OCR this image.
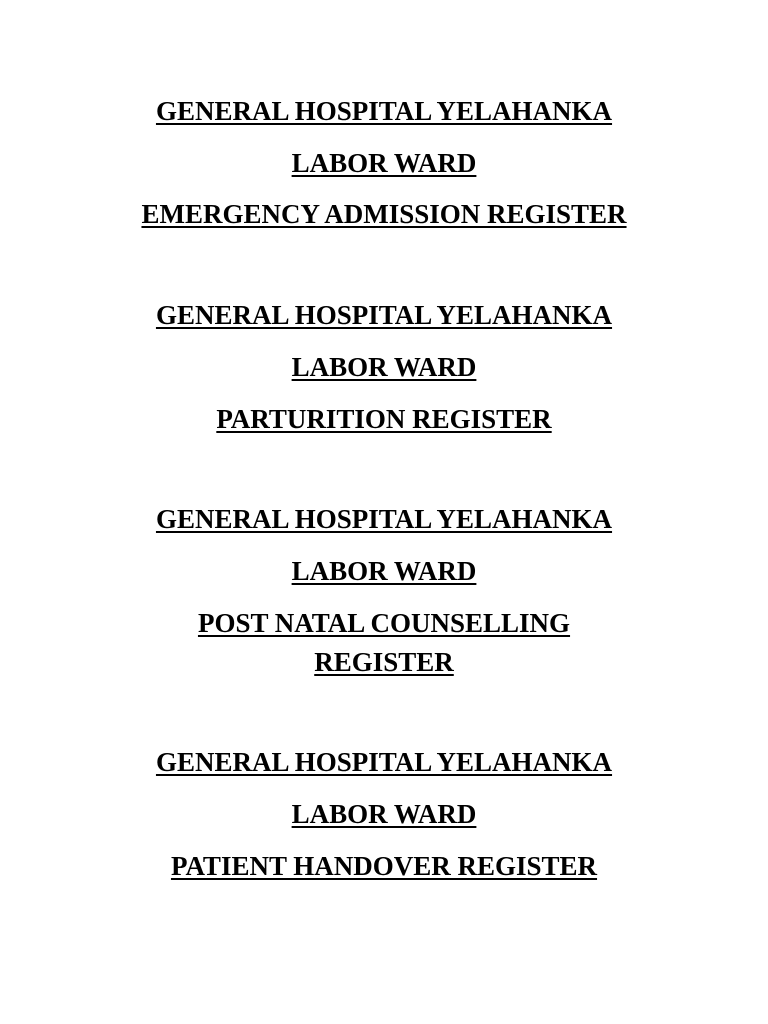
GENERAL HOSPITAL YELAHANKA
LABOR WARD
EMERGENCY ADMISSION REGISTER
GENERAL HOSPITAL YELAHANKA
LABOR WARD
PARTURITION REGISTER
GENERAL HOSPITAL YELAHANKA
LABOR WARD
POST NATAL COUNSELLING
REGISTER
GENERAL HOSPITAL YELAHANKA
LABOR WARD
PATIENT HANDOVER REGISTER
